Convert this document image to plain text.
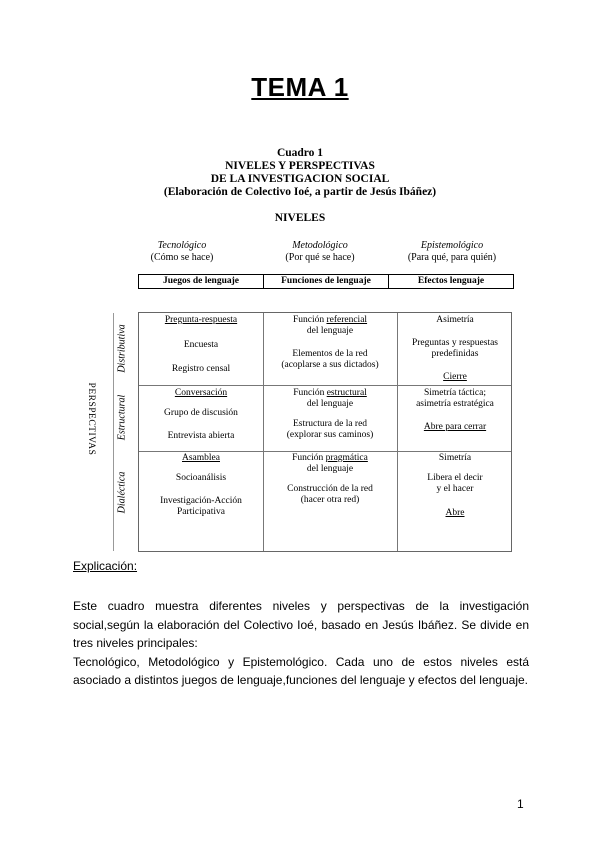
TEMA 1
Cuadro 1
NIVELES Y PERSPECTIVAS
DE LA INVESTIGACION SOCIAL
(Elaboración de Colectivo Ioé, a partir de Jesús Ibáñez)
NIVELES
Tecnológico
(Cómo se hace)
Metodológico
(Por qué se hace)
Epistemológico
(Para qué, para quién)
Juegos de lenguaje	Funciones de lenguaje	Efectos lenguaje
PERSPECTIVAS
Distributiva
Estructural
Dialéctica
Pregunta-respuesta
Encuesta
Registro censal
Función referencial
del lenguaje
Elementos de la red
(acoplarse a sus dictados)
Asimetría
Preguntas y respuestas
predefinidas
Cierre
Conversación
Grupo de discusión
Entrevista abierta
Función estructural
del lenguaje
Estructura de la red
(explorar sus caminos)
Simetría táctica;
asimetría estratégica
Abre para cerrar
Asamblea
Socioanálisis
Investigación-Acción
Participativa
Función pragmática
del lenguaje
Construcción de la red
(hacer otra red)
Simetría
Libera el decir
y el hacer
Abre
Explicación:
Este cuadro muestra diferentes niveles y perspectivas de la investigación social,según la elaboración del Colectivo Ioé, basado en Jesús Ibáñez. Se divide en tres niveles principales:
Tecnológico, Metodológico y Epistemológico. Cada uno de estos niveles está asociado a distintos juegos de lenguaje,funciones del lenguaje y efectos del lenguaje.
1
